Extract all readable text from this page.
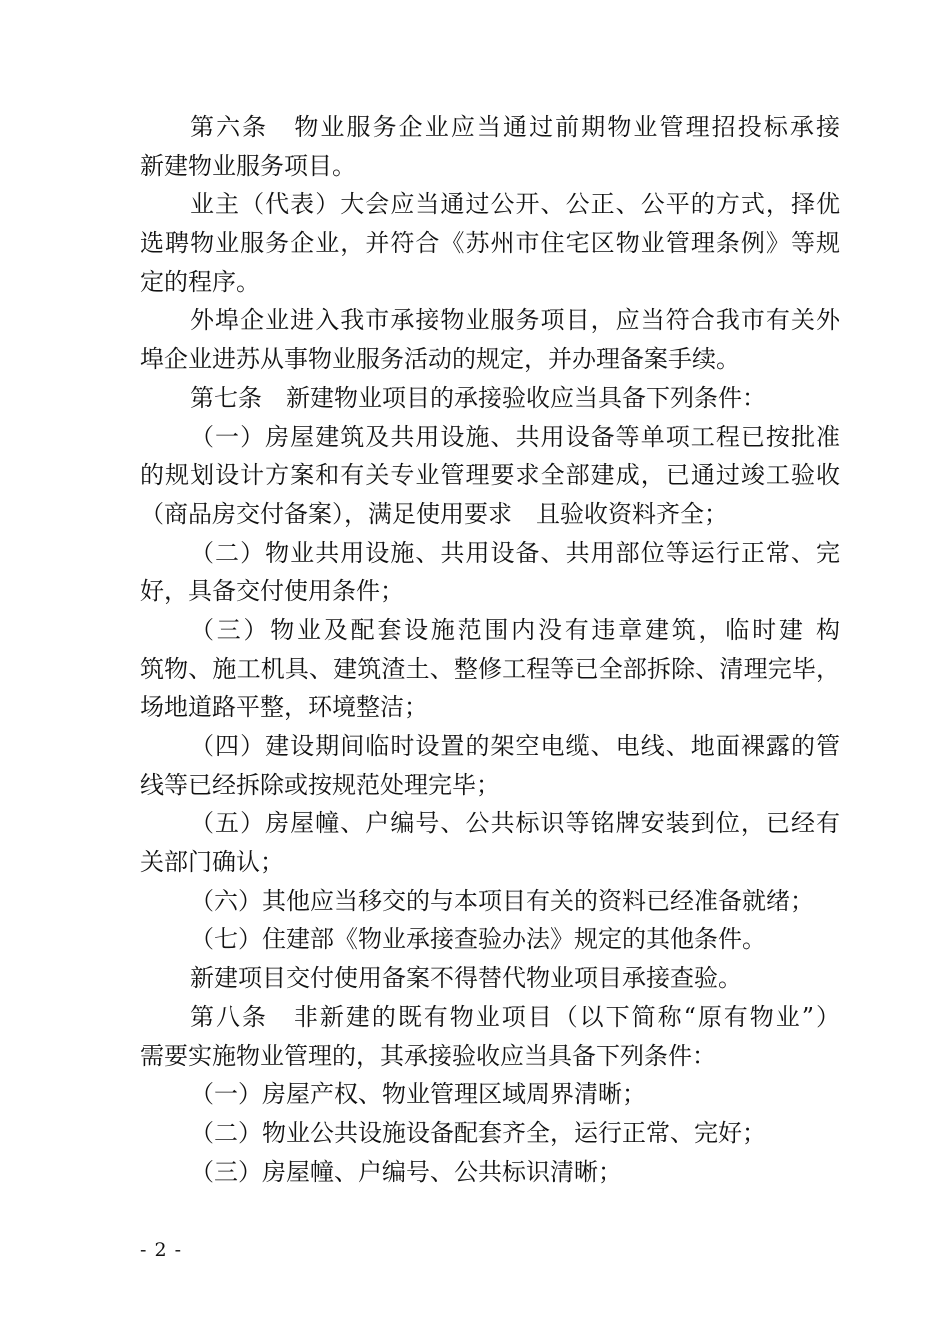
第六条　物业服务企业应当通过前期物业管理招投标承接
新建物业服务项目。
业主（代表）大会应当通过公开、公正、公平的方式，择优
选聘物业服务企业，并符合《苏州市住宅区物业管理条例》等规
定的程序。
外埠企业进入我市承接物业服务项目，应当符合我市有关外
埠企业进苏从事物业服务活动的规定，并办理备案手续。
第七条　新建物业项目的承接验收应当具备下列条件：
（一）房屋建筑及共用设施、共用设备等单项工程已按批准
的规划设计方案和有关专业管理要求全部建成，已通过竣工验收
（商品房交付备案），满足使用要求　且验收资料齐全；
（二）物业共用设施、共用设备、共用部位等运行正常、完
好，具备交付使用条件；
（三）物业及配套设施范围内没有违章建筑，临时建 构
筑物、施工机具、建筑渣土、整修工程等已全部拆除、清理完毕，
场地道路平整，环境整洁；
（四）建设期间临时设置的架空电缆、电线、地面裸露的管
线等已经拆除或按规范处理完毕；
（五）房屋幢、户编号、公共标识等铭牌安装到位，已经有
关部门确认；
（六）其他应当移交的与本项目有关的资料已经准备就绪；
（七）住建部《物业承接查验办法》规定的其他条件。
新建项目交付使用备案不得替代物业项目承接查验。
第八条　非新建的既有物业项目（以下简称“原有物业”）
需要实施物业管理的，其承接验收应当具备下列条件：
（一）房屋产权、物业管理区域周界清晰；
（二）物业公共设施设备配套齐全，运行正常、完好；
（三）房屋幢、户编号、公共标识清晰；
- 2 -
